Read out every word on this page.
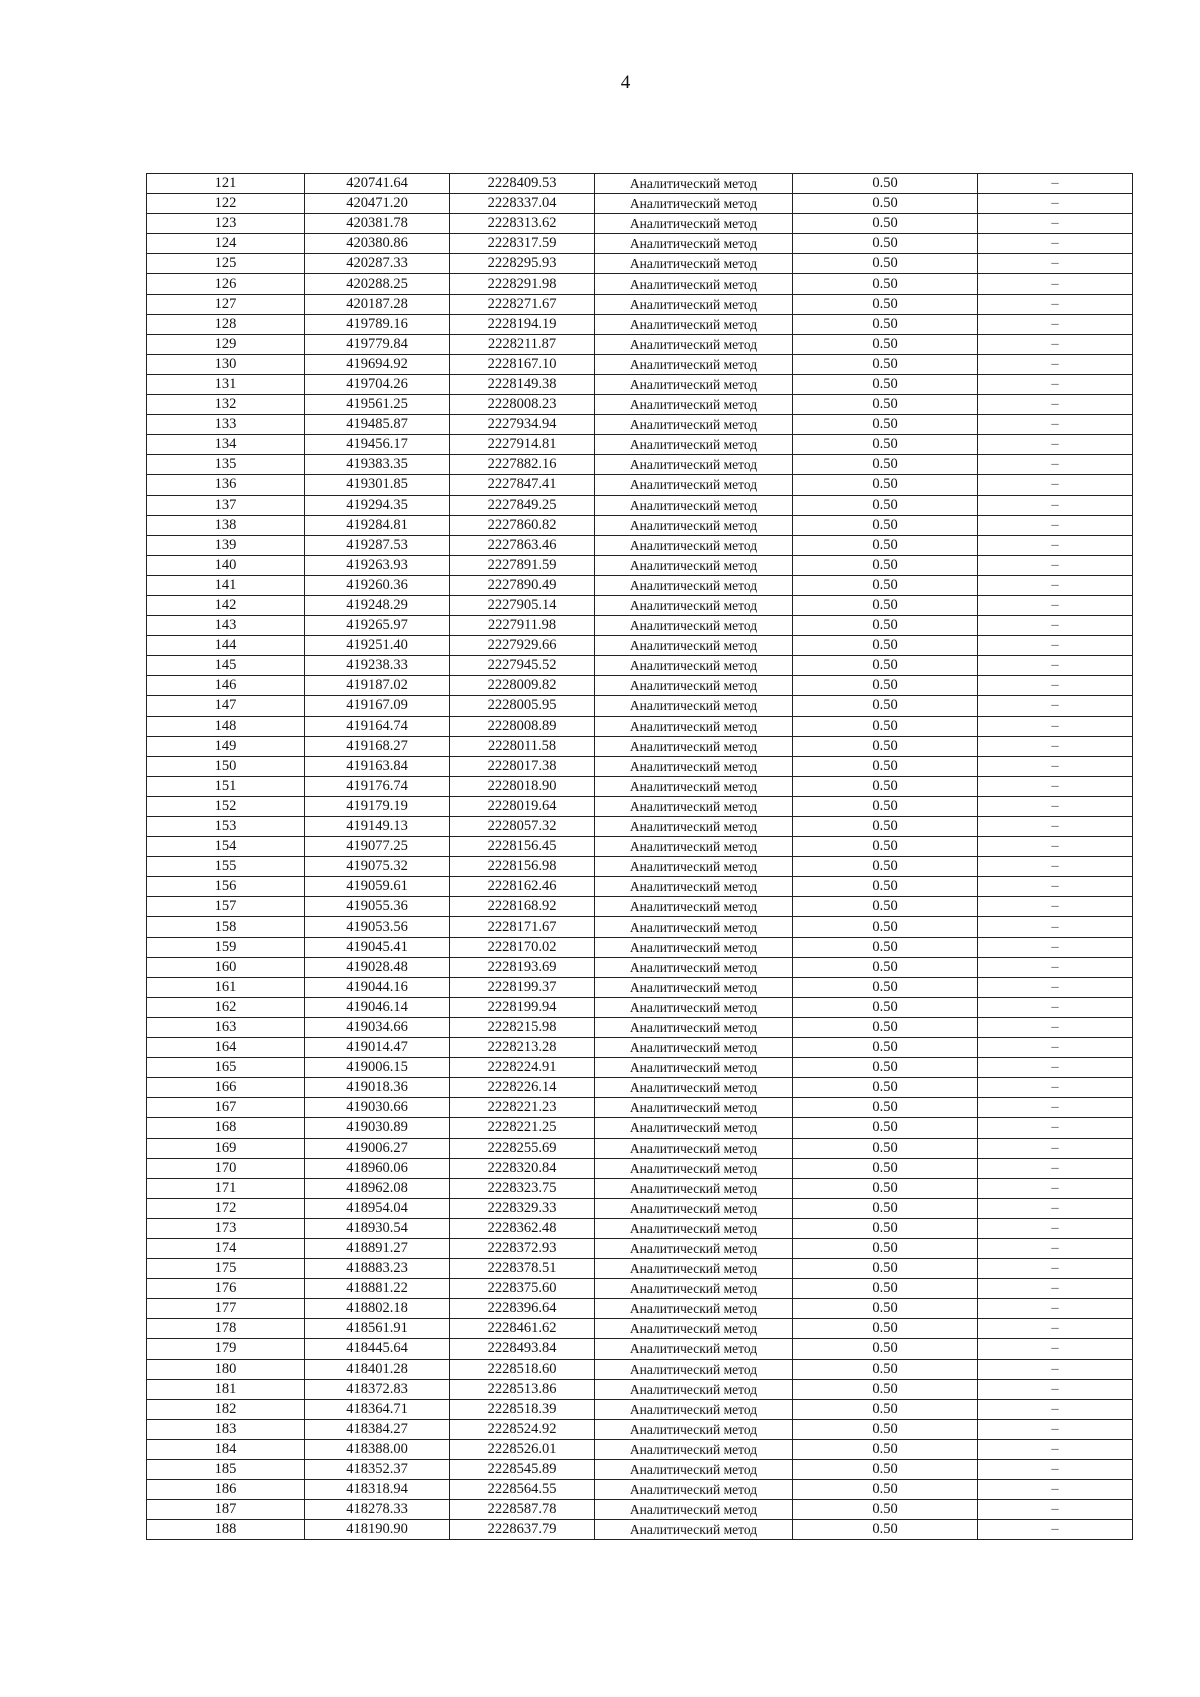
4
121	420741.64	2228409.53	Аналитический метод	0.50	–
122	420471.20	2228337.04	Аналитический метод	0.50	–
123	420381.78	2228313.62	Аналитический метод	0.50	–
124	420380.86	2228317.59	Аналитический метод	0.50	–
125	420287.33	2228295.93	Аналитический метод	0.50	–
126	420288.25	2228291.98	Аналитический метод	0.50	–
127	420187.28	2228271.67	Аналитический метод	0.50	–
128	419789.16	2228194.19	Аналитический метод	0.50	–
129	419779.84	2228211.87	Аналитический метод	0.50	–
130	419694.92	2228167.10	Аналитический метод	0.50	–
131	419704.26	2228149.38	Аналитический метод	0.50	–
132	419561.25	2228008.23	Аналитический метод	0.50	–
133	419485.87	2227934.94	Аналитический метод	0.50	–
134	419456.17	2227914.81	Аналитический метод	0.50	–
135	419383.35	2227882.16	Аналитический метод	0.50	–
136	419301.85	2227847.41	Аналитический метод	0.50	–
137	419294.35	2227849.25	Аналитический метод	0.50	–
138	419284.81	2227860.82	Аналитический метод	0.50	–
139	419287.53	2227863.46	Аналитический метод	0.50	–
140	419263.93	2227891.59	Аналитический метод	0.50	–
141	419260.36	2227890.49	Аналитический метод	0.50	–
142	419248.29	2227905.14	Аналитический метод	0.50	–
143	419265.97	2227911.98	Аналитический метод	0.50	–
144	419251.40	2227929.66	Аналитический метод	0.50	–
145	419238.33	2227945.52	Аналитический метод	0.50	–
146	419187.02	2228009.82	Аналитический метод	0.50	–
147	419167.09	2228005.95	Аналитический метод	0.50	–
148	419164.74	2228008.89	Аналитический метод	0.50	–
149	419168.27	2228011.58	Аналитический метод	0.50	–
150	419163.84	2228017.38	Аналитический метод	0.50	–
151	419176.74	2228018.90	Аналитический метод	0.50	–
152	419179.19	2228019.64	Аналитический метод	0.50	–
153	419149.13	2228057.32	Аналитический метод	0.50	–
154	419077.25	2228156.45	Аналитический метод	0.50	–
155	419075.32	2228156.98	Аналитический метод	0.50	–
156	419059.61	2228162.46	Аналитический метод	0.50	–
157	419055.36	2228168.92	Аналитический метод	0.50	–
158	419053.56	2228171.67	Аналитический метод	0.50	–
159	419045.41	2228170.02	Аналитический метод	0.50	–
160	419028.48	2228193.69	Аналитический метод	0.50	–
161	419044.16	2228199.37	Аналитический метод	0.50	–
162	419046.14	2228199.94	Аналитический метод	0.50	–
163	419034.66	2228215.98	Аналитический метод	0.50	–
164	419014.47	2228213.28	Аналитический метод	0.50	–
165	419006.15	2228224.91	Аналитический метод	0.50	–
166	419018.36	2228226.14	Аналитический метод	0.50	–
167	419030.66	2228221.23	Аналитический метод	0.50	–
168	419030.89	2228221.25	Аналитический метод	0.50	–
169	419006.27	2228255.69	Аналитический метод	0.50	–
170	418960.06	2228320.84	Аналитический метод	0.50	–
171	418962.08	2228323.75	Аналитический метод	0.50	–
172	418954.04	2228329.33	Аналитический метод	0.50	–
173	418930.54	2228362.48	Аналитический метод	0.50	–
174	418891.27	2228372.93	Аналитический метод	0.50	–
175	418883.23	2228378.51	Аналитический метод	0.50	–
176	418881.22	2228375.60	Аналитический метод	0.50	–
177	418802.18	2228396.64	Аналитический метод	0.50	–
178	418561.91	2228461.62	Аналитический метод	0.50	–
179	418445.64	2228493.84	Аналитический метод	0.50	–
180	418401.28	2228518.60	Аналитический метод	0.50	–
181	418372.83	2228513.86	Аналитический метод	0.50	–
182	418364.71	2228518.39	Аналитический метод	0.50	–
183	418384.27	2228524.92	Аналитический метод	0.50	–
184	418388.00	2228526.01	Аналитический метод	0.50	–
185	418352.37	2228545.89	Аналитический метод	0.50	–
186	418318.94	2228564.55	Аналитический метод	0.50	–
187	418278.33	2228587.78	Аналитический метод	0.50	–
188	418190.90	2228637.79	Аналитический метод	0.50	–
